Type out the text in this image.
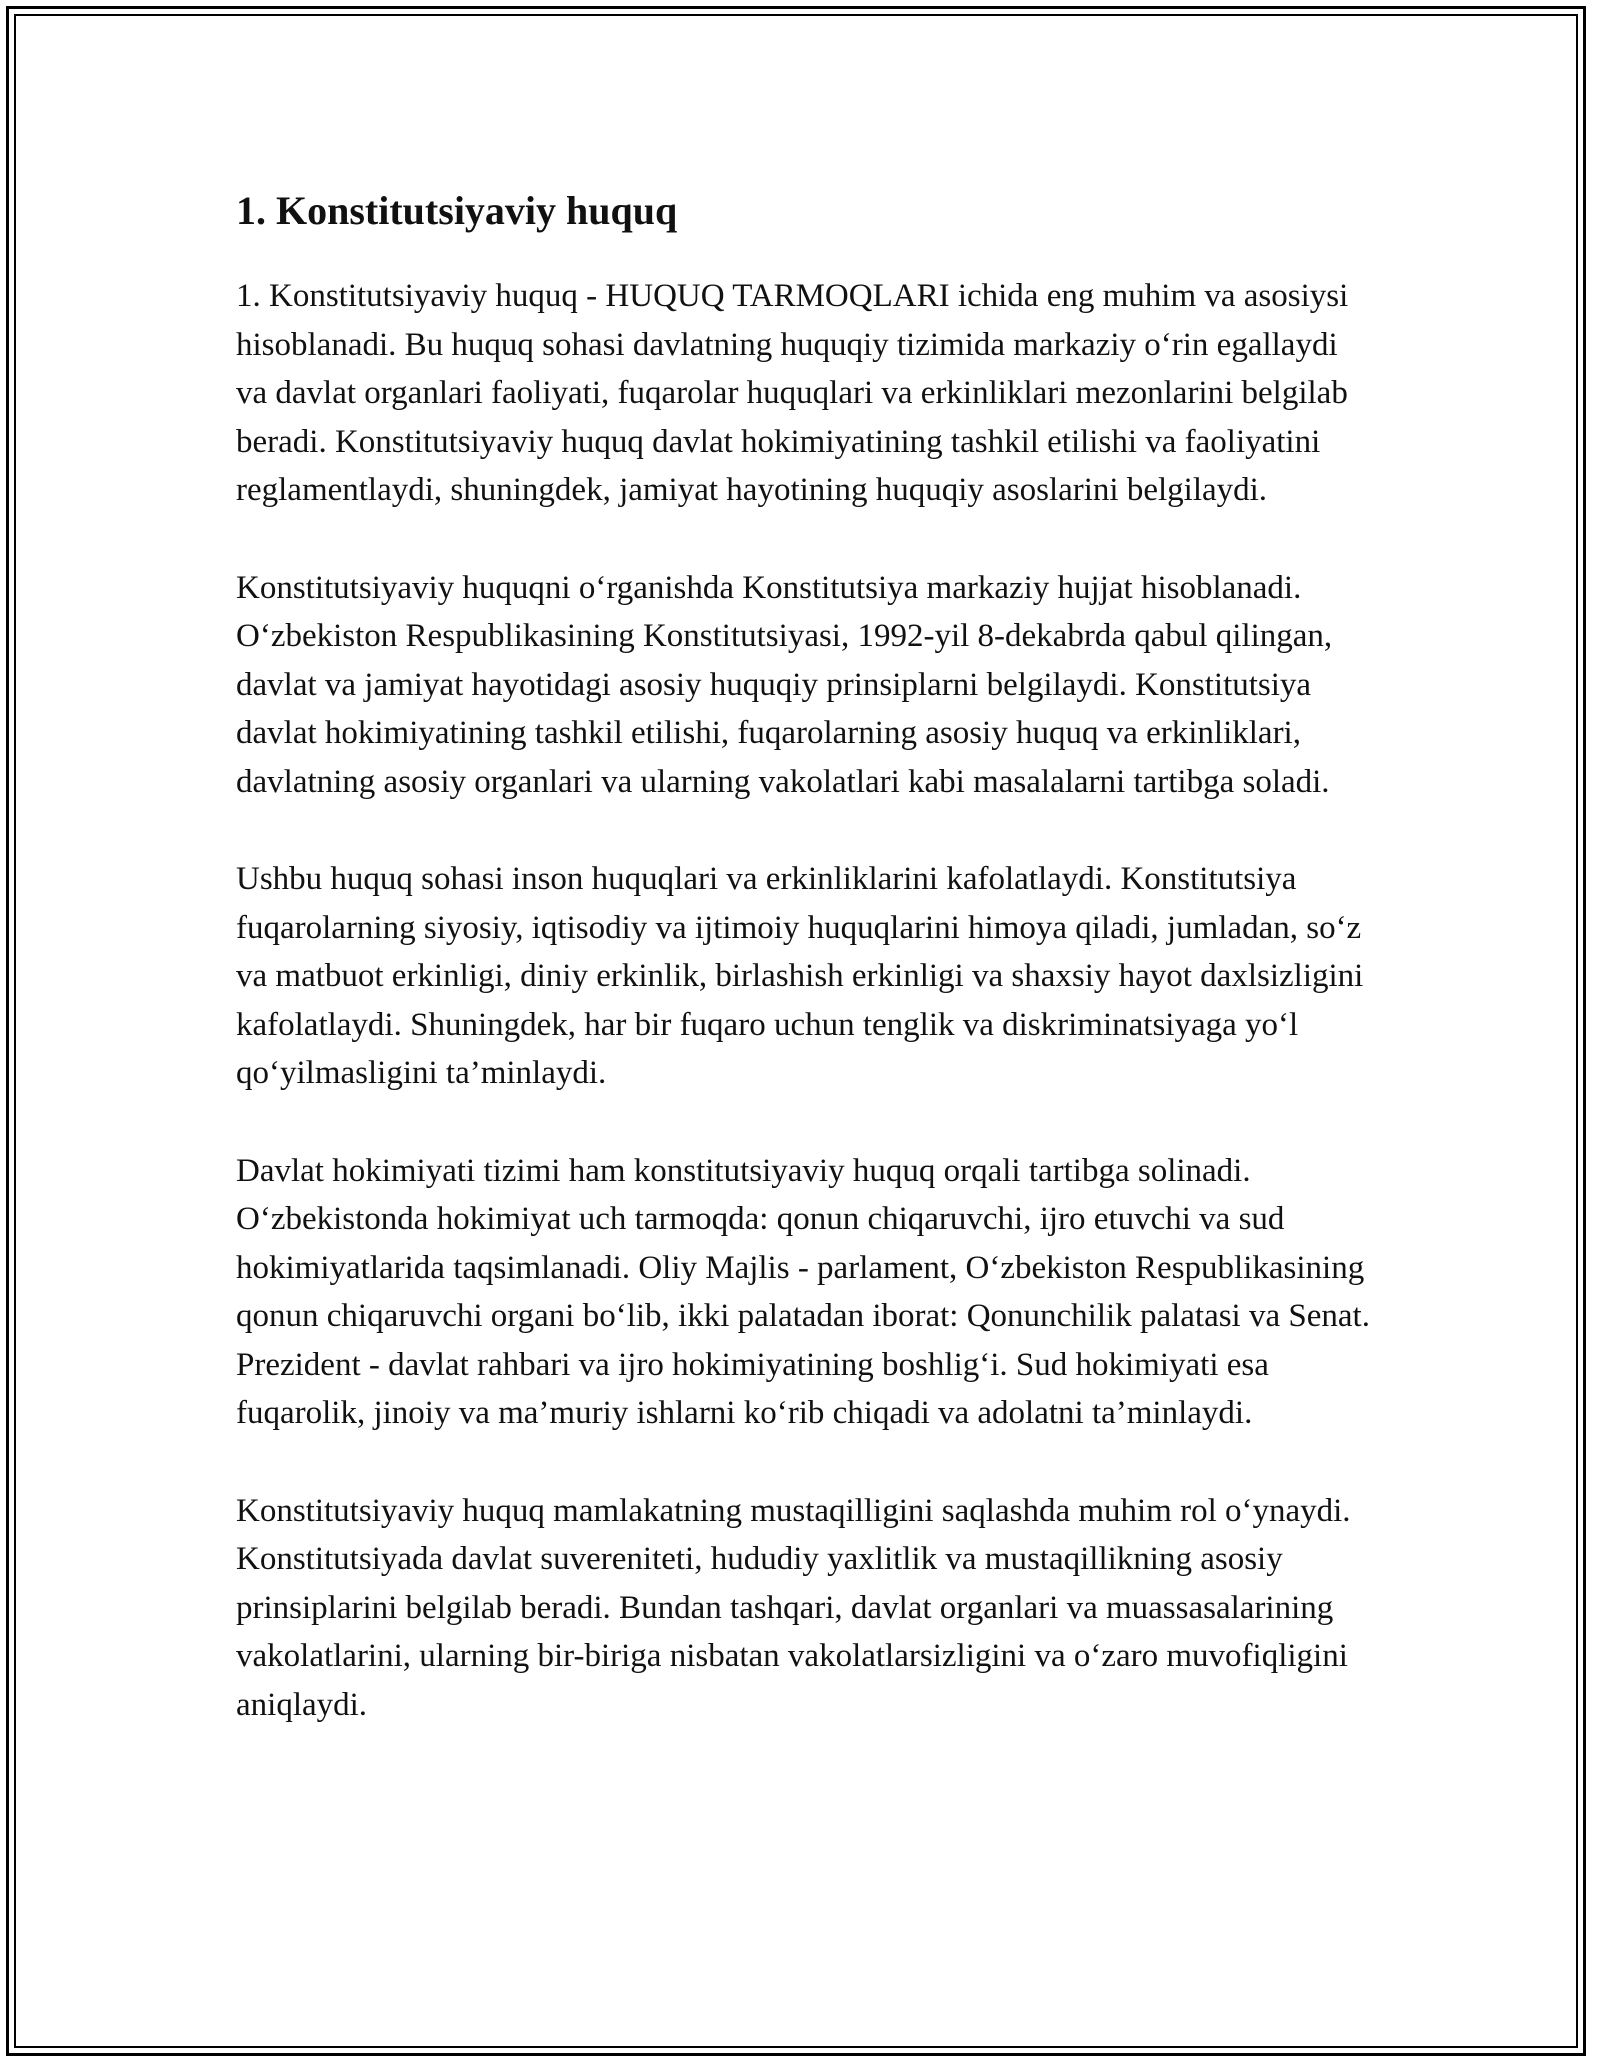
1. Konstitutsiyaviy huquq

1. Konstitutsiyaviy huquq - HUQUQ TARMOQLARI ichida eng muhim va asosiysi hisoblanadi. Bu huquq sohasi davlatning huquqiy tizimida markaziy o‘rin egallaydi va davlat organlari faoliyati, fuqarolar huquqlari va erkinliklari mezonlarini belgilab beradi. Konstitutsiyaviy huquq davlat hokimiyatining tashkil etilishi va faoliyatini reglamentlaydi, shuningdek, jamiyat hayotining huquqiy asoslarini belgilaydi.

Konstitutsiyaviy huquqni o‘rganishda Konstitutsiya markaziy hujjat hisoblanadi. O‘zbekiston Respublikasining Konstitutsiyasi, 1992-yil 8-dekabrda qabul qilingan, davlat va jamiyat hayotidagi asosiy huquqiy prinsiplarni belgilaydi. Konstitutsiya davlat hokimiyatining tashkil etilishi, fuqarolarning asosiy huquq va erkinliklari, davlatning asosiy organlari va ularning vakolatlari kabi masalalarni tartibga soladi.

Ushbu huquq sohasi inson huquqlari va erkinliklarini kafolatlaydi. Konstitutsiya fuqarolarning siyosiy, iqtisodiy va ijtimoiy huquqlarini himoya qiladi, jumladan, so‘z va matbuot erkinligi, diniy erkinlik, birlashish erkinligi va shaxsiy hayot daxlsizligini kafolatlaydi. Shuningdek, har bir fuqaro uchun tenglik va diskriminatsiyaga yo‘l qo‘yilmasligini ta’minlaydi.

Davlat hokimiyati tizimi ham konstitutsiyaviy huquq orqali tartibga solinadi. O‘zbekistonda hokimiyat uch tarmoqda: qonun chiqaruvchi, ijro etuvchi va sud hokimiyatlarida taqsimlanadi. Oliy Majlis - parlament, O‘zbekiston Respublikasining qonun chiqaruvchi organi bo‘lib, ikki palatadan iborat: Qonunchilik palatasi va Senat. Prezident - davlat rahbari va ijro hokimiyatining boshlig‘i. Sud hokimiyati esa fuqarolik, jinoiy va ma’muriy ishlarni ko‘rib chiqadi va adolatni ta’minlaydi.

Konstitutsiyaviy huquq mamlakatning mustaqilligini saqlashda muhim rol o‘ynaydi. Konstitutsiyada davlat suvereniteti, hududiy yaxlitlik va mustaqillikning asosiy prinsiplarini belgilab beradi. Bundan tashqari, davlat organlari va muassasalarining vakolatlarini, ularning bir-biriga nisbatan vakolatlarsizligini va o‘zaro muvofiqligini aniqlaydi.
